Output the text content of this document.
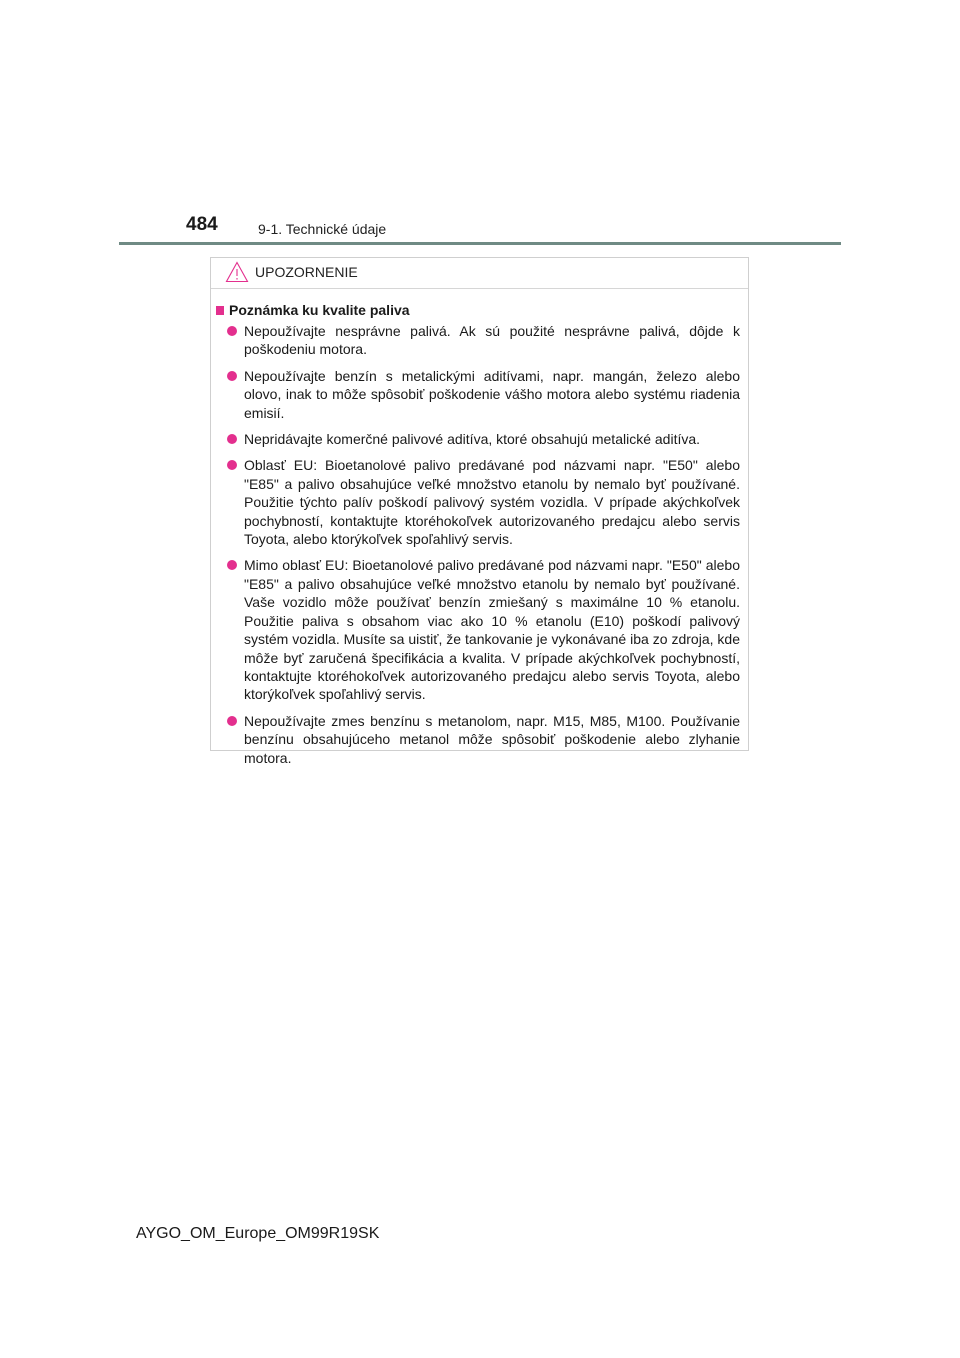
484	9-1. Technické údaje
UPOZORNENIE
Poznámka ku kvalite paliva
Nepoužívajte nesprávne palivá. Ak sú použité nesprávne palivá, dôjde k poškodeniu motora.
Nepoužívajte benzín s metalickými aditívami, napr. mangán, železo alebo olovo, inak to môže spôsobiť poškodenie vášho motora alebo systému riadenia emisií.
Nepridávajte komerčné palivové aditíva, ktoré obsahujú metalické aditíva.
Oblasť EU: Bioetanolové palivo predávané pod názvami napr. "E50" alebo "E85" a palivo obsahujúce veľké množstvo etanolu by nemalo byť používané. Použitie týchto palív poškodí palivový systém vozidla. V prípade akýchkoľvek pochybností, kontaktujte ktoréhokoľvek autorizovaného predajcu alebo servis Toyota, alebo ktorýkoľvek spoľahlivý servis.
Mimo oblasť EU: Bioetanolové palivo predávané pod názvami napr. "E50" alebo "E85" a palivo obsahujúce veľké množstvo etanolu by nemalo byť používané. Vaše vozidlo môže používať benzín zmiešaný s maximálne 10 % etanolu. Použitie paliva s obsahom viac ako 10 % etanolu (E10) poškodí palivový systém vozidla. Musíte sa uistiť, že tankovanie je vykonávané iba zo zdroja, kde môže byť zaručená špecifikácia a kvalita. V prípade akýchkoľvek pochybností, kontaktujte ktoréhokoľvek autorizovaného predajcu alebo servis Toyota, alebo ktorýkoľvek spoľahlivý servis.
Nepoužívajte zmes benzínu s metanolom, napr. M15, M85, M100. Používanie benzínu obsahujúceho metanol môže spôsobiť poškodenie alebo zlyhanie motora.
AYGO_OM_Europe_OM99R19SK
